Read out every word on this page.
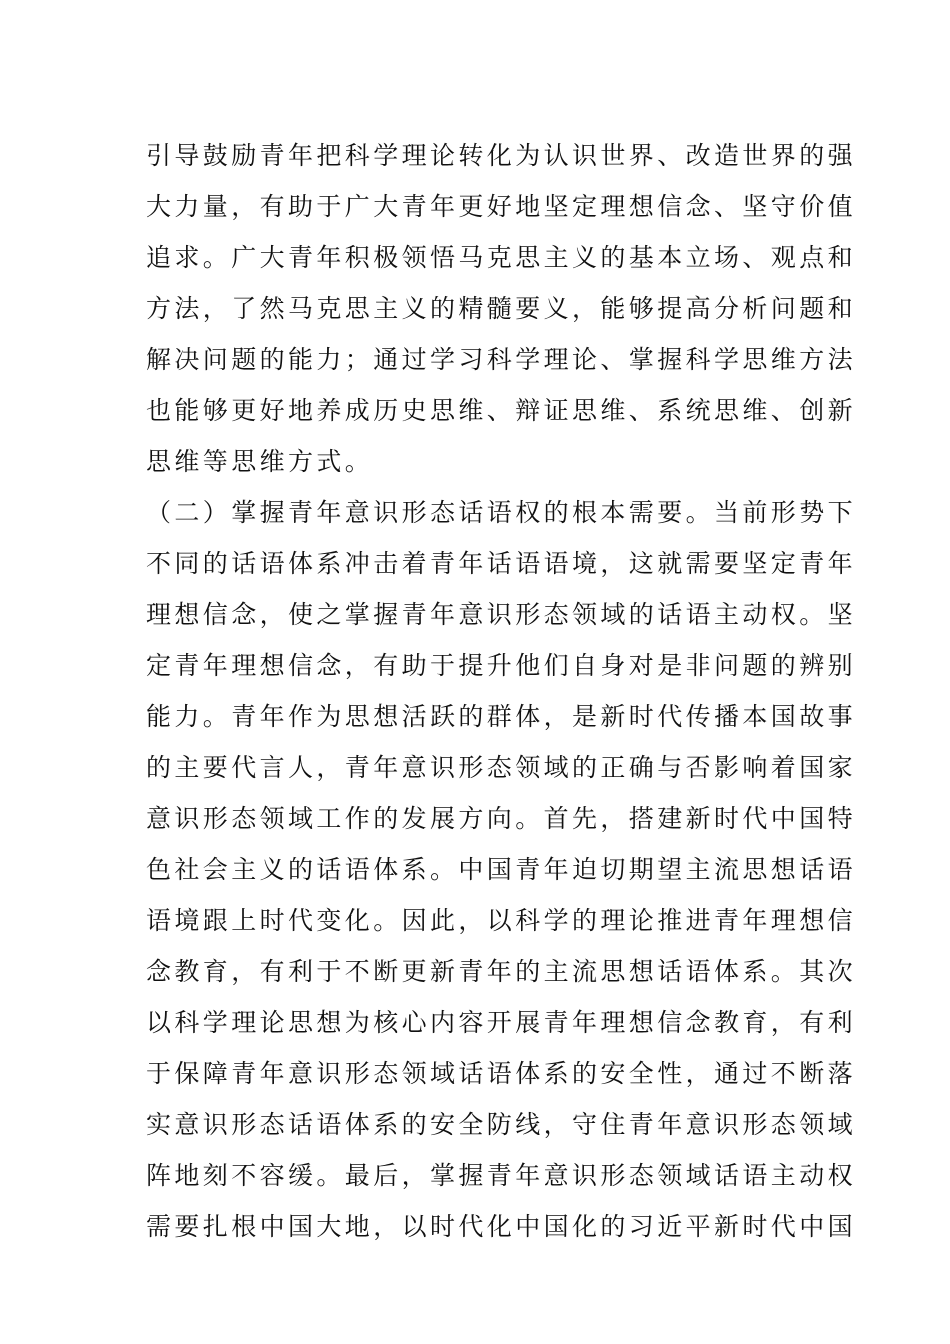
引导鼓励青年把科学理论转化为认识世界、改造世界的强
大力量，有助于广大青年更好地坚定理想信念、坚守价值
追求。广大青年积极领悟马克思主义的基本立场、观点和
方法，了然马克思主义的精髓要义，能够提高分析问题和
解决问题的能力；通过学习科学理论、掌握科学思维方法
也能够更好地养成历史思维、辩证思维、系统思维、创新
思维等思维方式。
（二）掌握青年意识形态话语权的根本需要。当前形势下
不同的话语体系冲击着青年话语语境，这就需要坚定青年
理想信念，使之掌握青年意识形态领域的话语主动权。坚
定青年理想信念，有助于提升他们自身对是非问题的辨别
能力。青年作为思想活跃的群体，是新时代传播本国故事
的主要代言人，青年意识形态领域的正确与否影响着国家
意识形态领域工作的发展方向。首先，搭建新时代中国特
色社会主义的话语体系。中国青年迫切期望主流思想话语
语境跟上时代变化。因此，以科学的理论推进青年理想信
念教育，有利于不断更新青年的主流思想话语体系。其次
以科学理论思想为核心内容开展青年理想信念教育，有利
于保障青年意识形态领域话语体系的安全性，通过不断落
实意识形态话语体系的安全防线，守住青年意识形态领域
阵地刻不容缓。最后，掌握青年意识形态领域话语主动权
需要扎根中国大地，以时代化中国化的习近平新时代中国
